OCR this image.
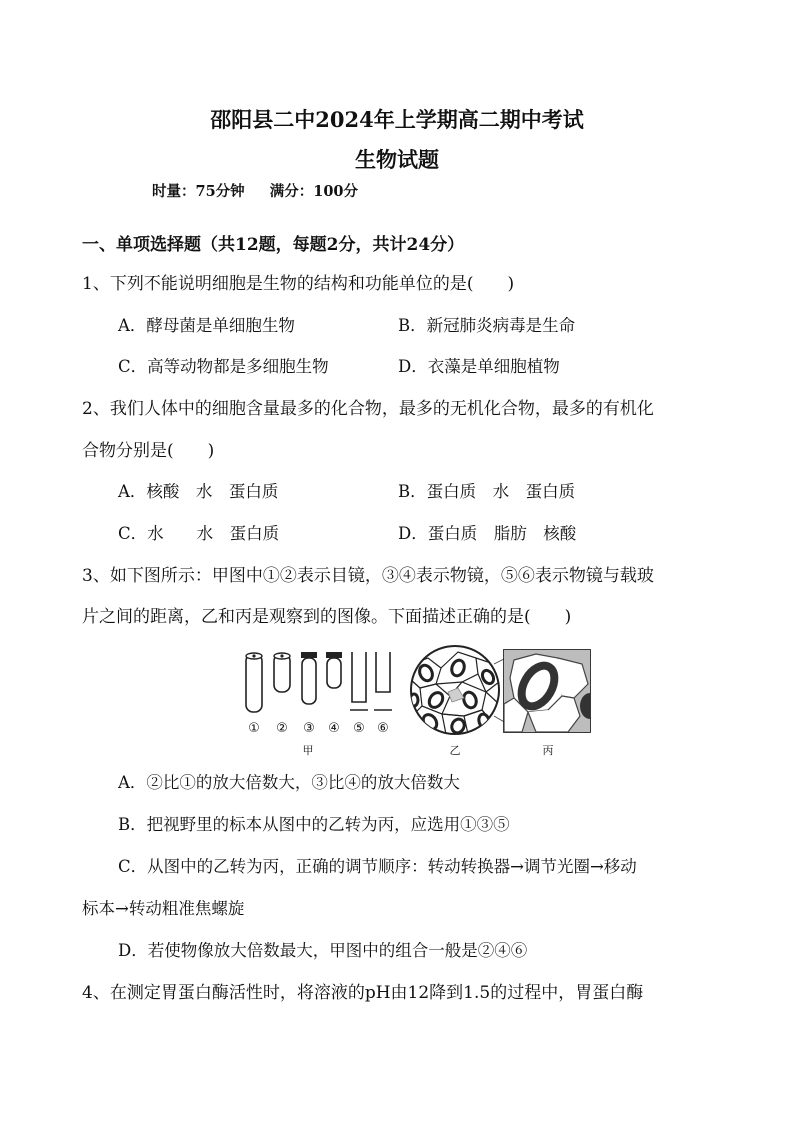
邵阳县二中2024年上学期高二期中考试
生物试题
时量：75分钟 满分：100分
一、单项选择题（共12题，每题2分，共计24分）
1、下列不能说明细胞是生物的结构和功能单位的是(　　)
A．酵母菌是单细胞生物	B．新冠肺炎病毒是生命
C．高等动物都是多细胞生物	D．衣藻是单细胞植物
2、我们人体中的细胞含量最多的化合物，最多的无机化合物，最多的有机化
合物分别是(　　)
A．核酸　水　蛋白质	B．蛋白质　水　蛋白质
C．水　　水　蛋白质	D．蛋白质　脂肪　核酸
3、如下图所示：甲图中①②表示目镜，③④表示物镜，⑤⑥表示物镜与载玻
片之间的距离，乙和丙是观察到的图像。下面描述正确的是(　　)
① ② ③ ④ ⑤ ⑥
甲	乙	丙
A．②比①的放大倍数大，③比④的放大倍数大
B．把视野里的标本从图中的乙转为丙，应选用①③⑤
C．从图中的乙转为丙，正确的调节顺序：转动转换器→调节光圈→移动
标本→转动粗准焦螺旋
D．若使物像放大倍数最大，甲图中的组合一般是②④⑥
4、在测定胃蛋白酶活性时，将溶液的pH由12降到1.5的过程中，胃蛋白酶
